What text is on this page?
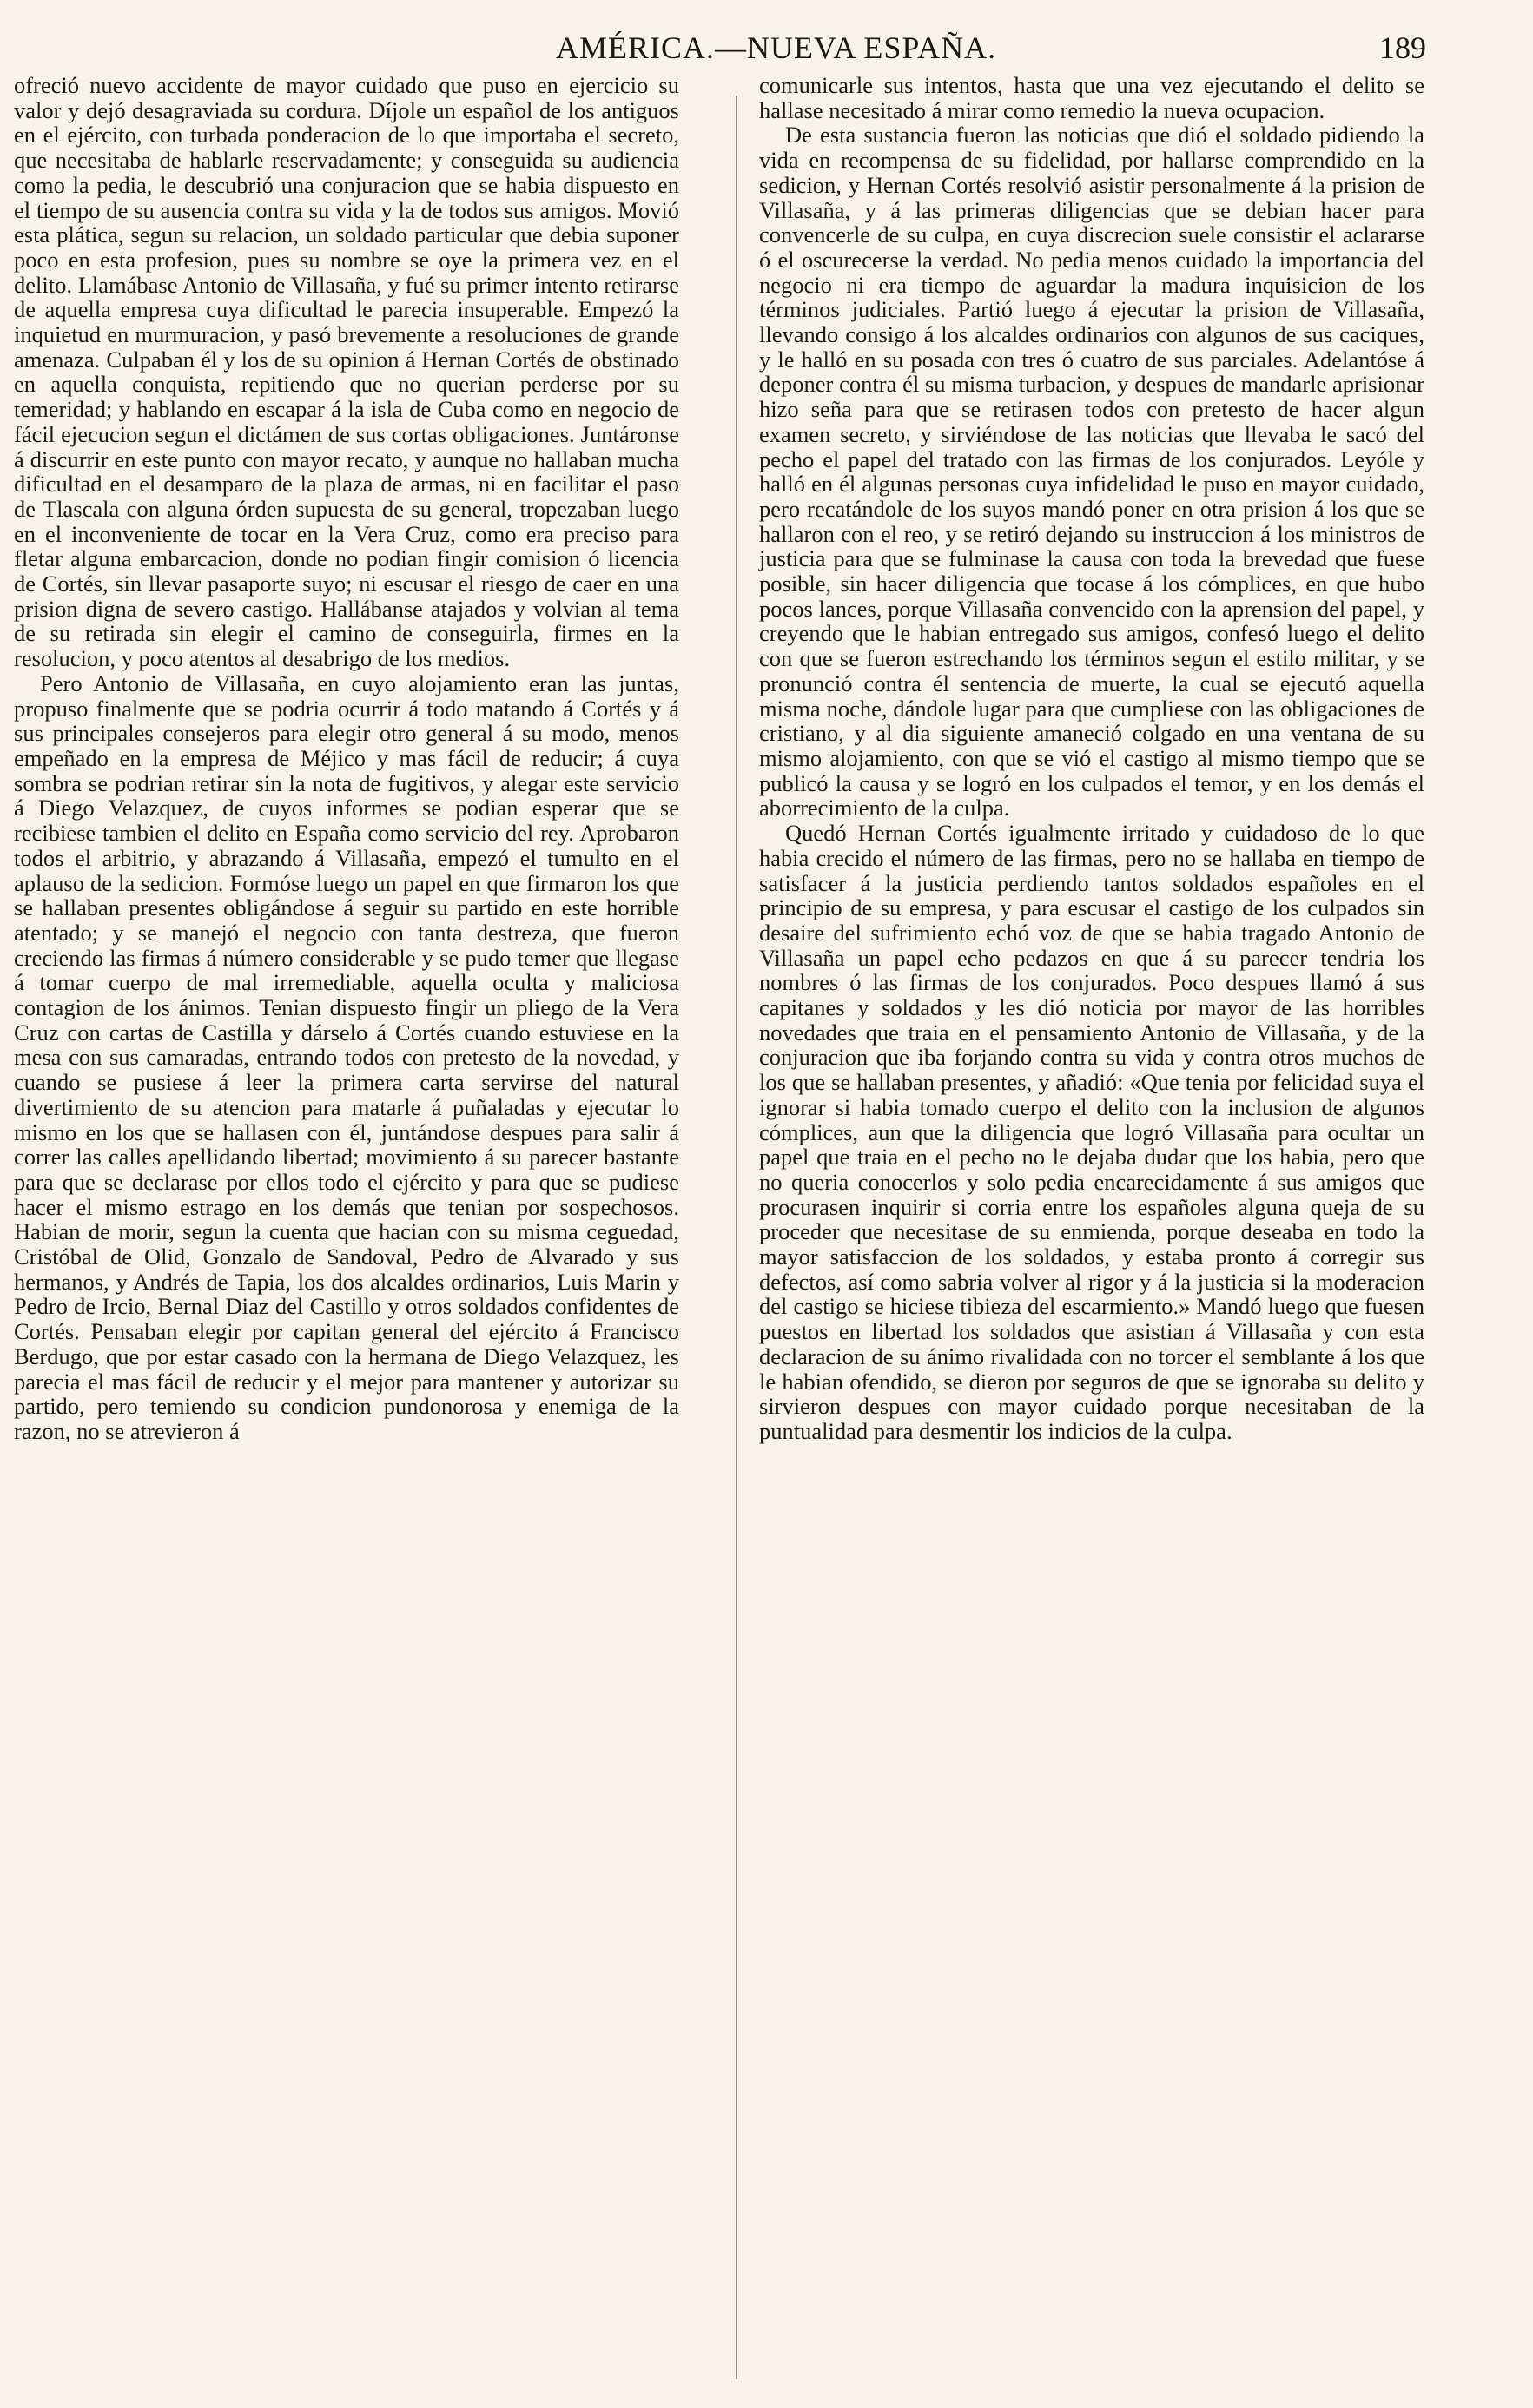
AMÉRICA.—NUEVA ESPAÑA.	189

ofreció nuevo accidente de mayor cuidado que puso en ejercicio su valor y dejó desagraviada su cordura. Díjole un español de los antiguos en el ejército, con turbada ponderacion de lo que importaba el secreto, que necesitaba de hablarle reservadamente; y conseguida su audiencia como la pedia, le descubrió una conjuracion que se habia dispuesto en el tiempo de su ausencia contra su vida y la de todos sus amigos. Movió esta plática, segun su relacion, un soldado particular que debia suponer poco en esta profesion, pues su nombre se oye la primera vez en el delito. Llamábase Antonio de Villasaña, y fué su primer intento retirarse de aquella empresa cuya dificultad le parecia insuperable. Empezó la inquietud en murmuracion, y pasó brevemente a resoluciones de grande amenaza. Culpaban él y los de su opinion á Hernan Cortés de obstinado en aquella conquista, repitiendo que no querian perderse por su temeridad; y hablando en escapar á la isla de Cuba como en negocio de fácil ejecucion segun el dictámen de sus cortas obligaciones. Juntáronse á discurrir en este punto con mayor recato, y aunque no hallaban mucha dificultad en el desamparo de la plaza de armas, ni en facilitar el paso de Tlascala con alguna órden supuesta de su general, tropezaban luego en el inconveniente de tocar en la Vera Cruz, como era preciso para fletar alguna embarcacion, donde no podian fingir comision ó licencia de Cortés, sin llevar pasaporte suyo; ni escusar el riesgo de caer en una prision digna de severo castigo. Hallábanse atajados y volvian al tema de su retirada sin elegir el camino de conseguirla, firmes en la resolucion, y poco atentos al desabrigo de los medios.

Pero Antonio de Villasaña, en cuyo alojamiento eran las juntas, propuso finalmente que se podria ocurrir á todo matando á Cortés y á sus principales consejeros para elegir otro general á su modo, menos empeñado en la empresa de Méjico y mas fácil de reducir; á cuya sombra se podrian retirar sin la nota de fugitivos, y alegar este servicio á Diego Velazquez, de cuyos informes se podian esperar que se recibiese tambien el delito en España como servicio del rey. Aprobaron todos el arbitrio, y abrazando á Villasaña, empezó el tumulto en el aplauso de la sedicion. Formóse luego un papel en que firmaron los que se hallaban presentes obligándose á seguir su partido en este horrible atentado; y se manejó el negocio con tanta destreza, que fueron creciendo las firmas á número considerable y se pudo temer que llegase á tomar cuerpo de mal irremediable, aquella oculta y maliciosa contagion de los ánimos. Tenian dispuesto fingir un pliego de la Vera Cruz con cartas de Castilla y dárselo á Cortés cuando estuviese en la mesa con sus camaradas, entrando todos con pretesto de la novedad, y cuando se pusiese á leer la primera carta servirse del natural divertimiento de su atencion para matarle á puñaladas y ejecutar lo mismo en los que se hallasen con él, juntándose despues para salir á correr las calles apellidando libertad; movimiento á su parecer bastante para que se declarase por ellos todo el ejército y para que se pudiese hacer el mismo estrago en los demás que tenian por sospechosos. Habian de morir, segun la cuenta que hacian con su misma ceguedad, Cristóbal de Olid, Gonzalo de Sandoval, Pedro de Alvarado y sus hermanos, y Andrés de Tapia, los dos alcaldes ordinarios, Luis Marin y Pedro de Ircio, Bernal Diaz del Castillo y otros soldados confidentes de Cortés. Pensaban elegir por capitan general del ejército á Francisco Berdugo, que por estar casado con la hermana de Diego Velazquez, les parecia el mas fácil de reducir y el mejor para mantener y autorizar su partido, pero temiendo su condicion pundonorosa y enemiga de la razon, no se atrevieron á

comunicarle sus intentos, hasta que una vez ejecutando el delito se hallase necesitado á mirar como remedio la nueva ocupacion.

De esta sustancia fueron las noticias que dió el soldado pidiendo la vida en recompensa de su fidelidad, por hallarse comprendido en la sedicion, y Hernan Cortés resolvió asistir personalmente á la prision de Villasaña, y á las primeras diligencias que se debian hacer para convencerle de su culpa, en cuya discrecion suele consistir el aclararse ó el oscurecerse la verdad. No pedia menos cuidado la importancia del negocio ni era tiempo de aguardar la madura inquisicion de los términos judiciales. Partió luego á ejecutar la prision de Villasaña, llevando consigo á los alcaldes ordinarios con algunos de sus caciques, y le halló en su posada con tres ó cuatro de sus parciales. Adelantóse á deponer contra él su misma turbacion, y despues de mandarle aprisionar hizo seña para que se retirasen todos con pretesto de hacer algun examen secreto, y sirviéndose de las noticias que llevaba le sacó del pecho el papel del tratado con las firmas de los conjurados. Leyóle y halló en él algunas personas cuya infidelidad le puso en mayor cuidado, pero recatándole de los suyos mandó poner en otra prision á los que se hallaron con el reo, y se retiró dejando su instruccion á los ministros de justicia para que se fulminase la causa con toda la brevedad que fuese posible, sin hacer diligencia que tocase á los cómplices, en que hubo pocos lances, porque Villasaña convencido con la aprension del papel, y creyendo que le habian entregado sus amigos, confesó luego el delito con que se fueron estrechando los términos segun el estilo militar, y se pronunció contra él sentencia de muerte, la cual se ejecutó aquella misma noche, dándole lugar para que cumpliese con las obligaciones de cristiano, y al dia siguiente amaneció colgado en una ventana de su mismo alojamiento, con que se vió el castigo al mismo tiempo que se publicó la causa y se logró en los culpados el temor, y en los demás el aborrecimiento de la culpa.

Quedó Hernan Cortés igualmente irritado y cuidadoso de lo que habia crecido el número de las firmas, pero no se hallaba en tiempo de satisfacer á la justicia perdiendo tantos soldados españoles en el principio de su empresa, y para escusar el castigo de los culpados sin desaire del sufrimiento echó voz de que se habia tragado Antonio de Villasaña un papel echo pedazos en que á su parecer tendria los nombres ó las firmas de los conjurados. Poco despues llamó á sus capitanes y soldados y les dió noticia por mayor de las horribles novedades que traia en el pensamiento Antonio de Villasaña, y de la conjuracion que iba forjando contra su vida y contra otros muchos de los que se hallaban presentes, y añadió: «Que tenia por felicidad suya el ignorar si habia tomado cuerpo el delito con la inclusion de algunos cómplices, aun que la diligencia que logró Villasaña para ocultar un papel que traia en el pecho no le dejaba dudar que los habia, pero que no queria conocerlos y solo pedia encarecidamente á sus amigos que procurasen inquirir si corria entre los españoles alguna queja de su proceder que necesitase de su enmienda, porque deseaba en todo la mayor satisfaccion de los soldados, y estaba pronto á corregir sus defectos, así como sabria volver al rigor y á la justicia si la moderacion del castigo se hiciese tibieza del escarmiento.» Mandó luego que fuesen puestos en libertad los soldados que asistian á Villasaña y con esta declaracion de su ánimo rivalidada con no torcer el semblante á los que le habian ofendido, se dieron por seguros de que se ignoraba su delito y sirvieron despues con mayor cuidado porque necesitaban de la puntualidad para desmentir los indicios de la culpa.
